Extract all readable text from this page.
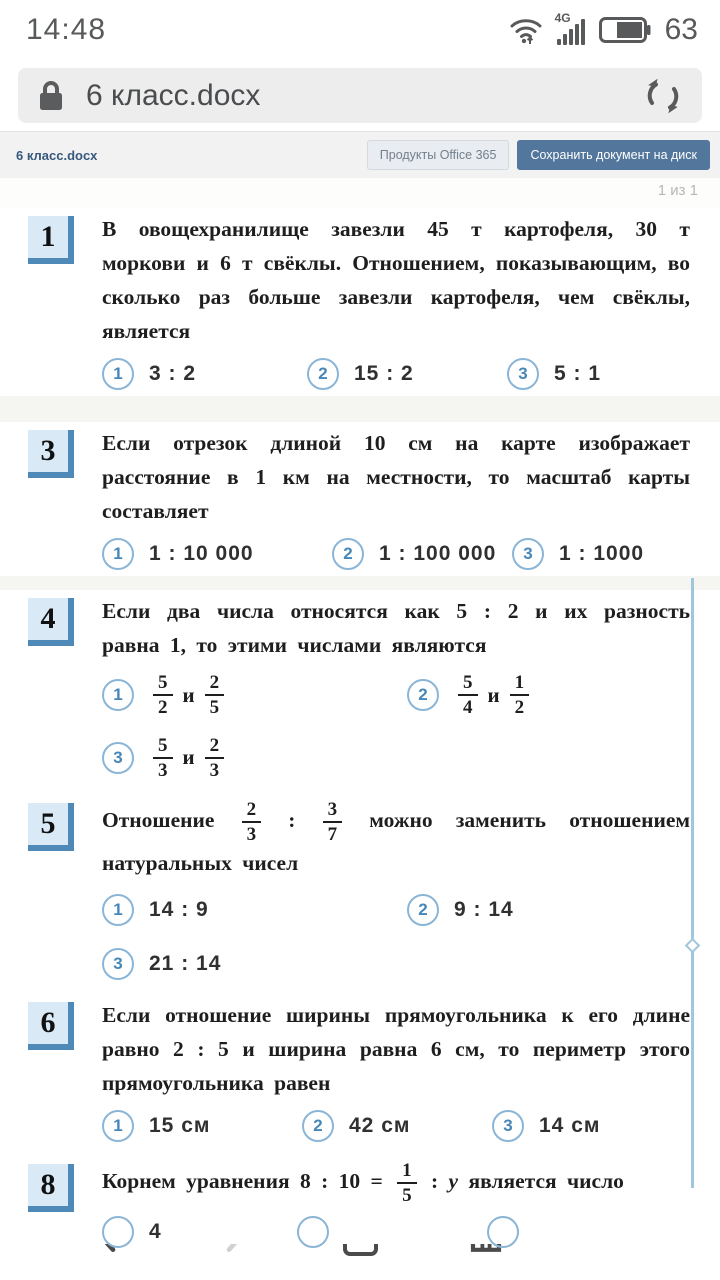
14:48	4G	63
6 класс.docx
6 класс.docx	Продукты Office 365	Сохранить документ на диск
1 из 1
1	В овощехранилище завезли 45 т картофеля, 30 т моркови и 6 т свёклы. Отношением, показывающим, во сколько раз больше завезли картофеля, чем свёклы, является
1	3 : 2	2	15 : 2	3	5 : 1
3	Если отрезок длиной 10 см на карте изображает расстояние в 1 км на местности, то масштаб карты составляет
1	1 : 10 000	2	1 : 100 000	3	1 : 1000
4	Если два числа относятся как 5 : 2 и их разность равна 1, то этими числами являются
1	$\frac{5}{2}$ и $\frac{2}{5}$	2	$\frac{5}{4}$ и $\frac{1}{2}$
3	$\frac{5}{3}$ и $\frac{2}{3}$
5	Отношение $\frac{2}{3}$ : $\frac{3}{7}$ можно заменить отношением натуральных чисел
1	14 : 9	2	9 : 14
3	21 : 14
6	Если отношение ширины прямоугольника к его длине равно 2 : 5 и ширина равна 6 см, то периметр этого прямоугольника равен
1	15 см	2	42 см	3	14 см
8	Корнем уравнения 8 : $10 = \frac{1}{5}$ : y является число
4
